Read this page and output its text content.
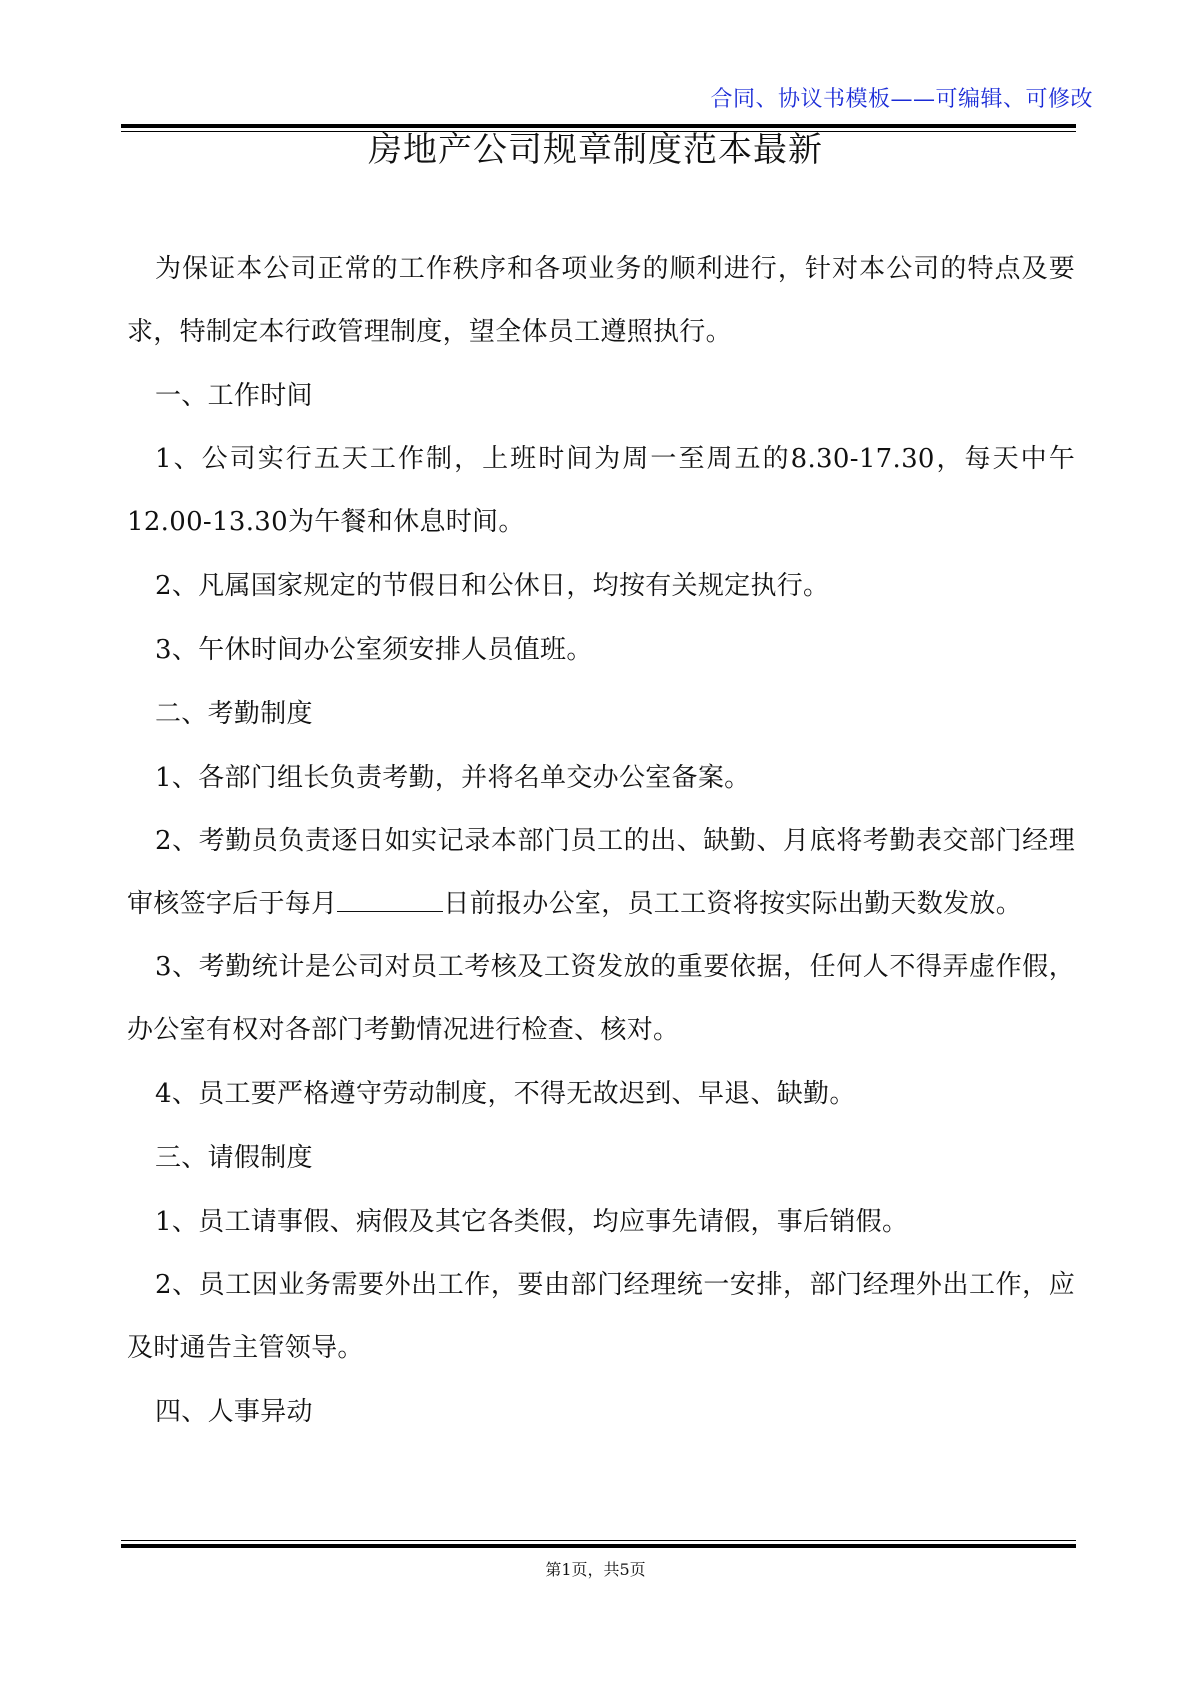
合同、协议书模板——可编辑、可修改
房地产公司规章制度范本最新

为保证本公司正常的工作秩序和各项业务的顺利进行，针对本公司的特点及要求，特制定本行政管理制度，望全体员工遵照执行。

一、工作时间

1、公司实行五天工作制，上班时间为周一至周五的8.30-17.30，每天中午12.00-13.30为午餐和休息时间。

2、凡属国家规定的节假日和公休日，均按有关规定执行。

3、午休时间办公室须安排人员值班。

二、考勤制度

1、各部门组长负责考勤，并将名单交办公室备案。

2、考勤员负责逐日如实记录本部门员工的出、缺勤、月底将考勤表交部门经理审核签字后于每月	日前报办公室，员工工资将按实际出勤天数发放。

3、考勤统计是公司对员工考核及工资发放的重要依据，任何人不得弄虚作假，办公室有权对各部门考勤情况进行检查、核对。

4、员工要严格遵守劳动制度，不得无故迟到、早退、缺勤。

三、请假制度

1、员工请事假、病假及其它各类假，均应事先请假，事后销假。

2、员工因业务需要外出工作，要由部门经理统一安排，部门经理外出工作，应及时通告主管领导。

四、人事异动

第1页，共5页
